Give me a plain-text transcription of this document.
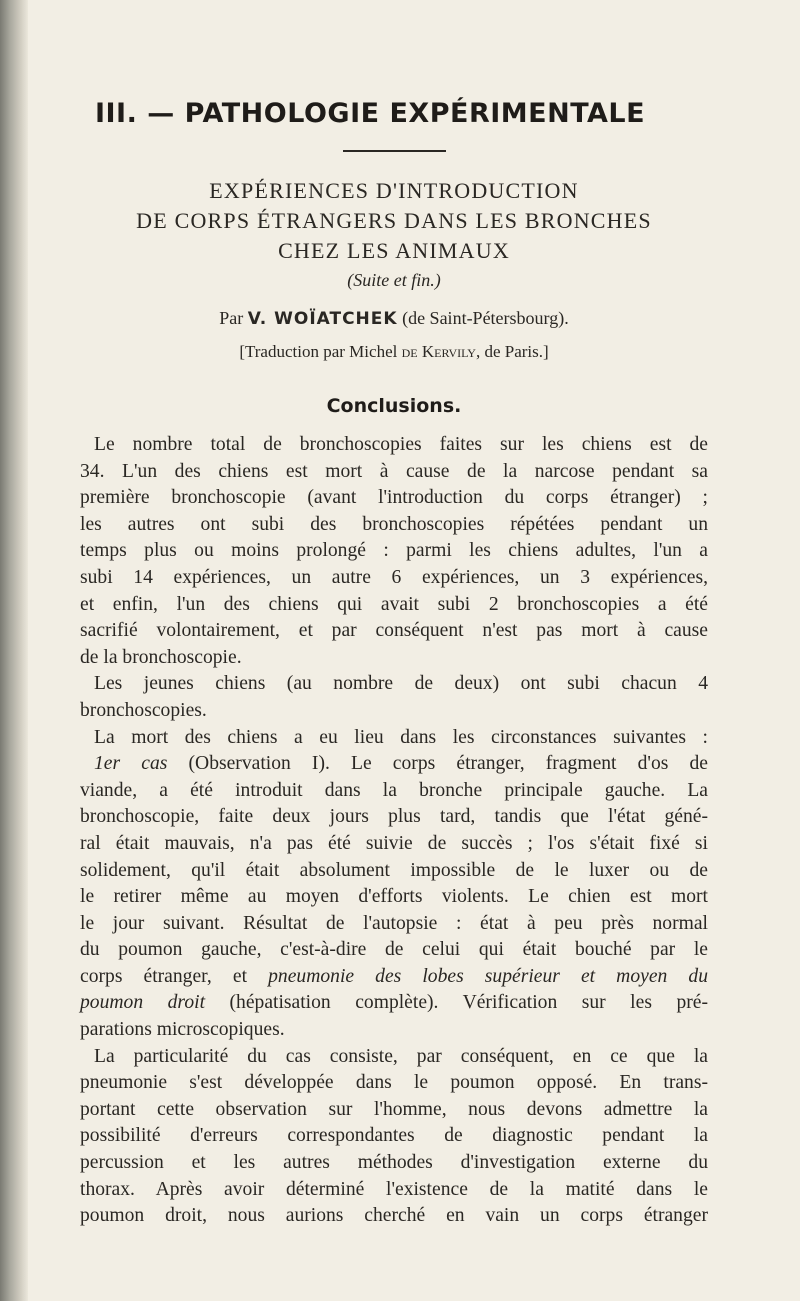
III. — PATHOLOGIE EXPÉRIMENTALE
EXPÉRIENCES D'INTRODUCTION
DE CORPS ÉTRANGERS DANS LES BRONCHES
CHEZ LES ANIMAUX
(Suite et fin.)
Par V. WOÏATCHEK (de Saint-Pétersbourg).
[Traduction par Michel de Kervily, de Paris.]
Conclusions.
Le nombre total de bronchoscopies faites sur les chiens est de
34. L'un des chiens est mort à cause de la narcose pendant sa
première bronchoscopie (avant l'introduction du corps étranger) ;
les autres ont subi des bronchoscopies répétées pendant un
temps plus ou moins prolongé : parmi les chiens adultes, l'un a
subi 14 expériences, un autre 6 expériences, un 3 expériences,
et enfin, l'un des chiens qui avait subi 2 bronchoscopies a été
sacrifié volontairement, et par conséquent n'est pas mort à cause
de la bronchoscopie.
Les jeunes chiens (au nombre de deux) ont subi chacun 4
bronchoscopies.
La mort des chiens a eu lieu dans les circonstances suivantes :
1er cas (Observation I). Le corps étranger, fragment d'os de
viande, a été introduit dans la bronche principale gauche. La
bronchoscopie, faite deux jours plus tard, tandis que l'état géné-
ral était mauvais, n'a pas été suivie de succès ; l'os s'était fixé si
solidement, qu'il était absolument impossible de le luxer ou de
le retirer même au moyen d'efforts violents. Le chien est mort
le jour suivant. Résultat de l'autopsie : état à peu près normal
du poumon gauche, c'est-à-dire de celui qui était bouché par le
corps étranger, et pneumonie des lobes supérieur et moyen du
poumon droit (hépatisation complète). Vérification sur les pré-
parations microscopiques.
La particularité du cas consiste, par conséquent, en ce que la
pneumonie s'est développée dans le poumon opposé. En trans-
portant cette observation sur l'homme, nous devons admettre la
possibilité d'erreurs correspondantes de diagnostic pendant la
percussion et les autres méthodes d'investigation externe du
thorax. Après avoir déterminé l'existence de la matité dans le
poumon droit, nous aurions cherché en vain un corps étranger
